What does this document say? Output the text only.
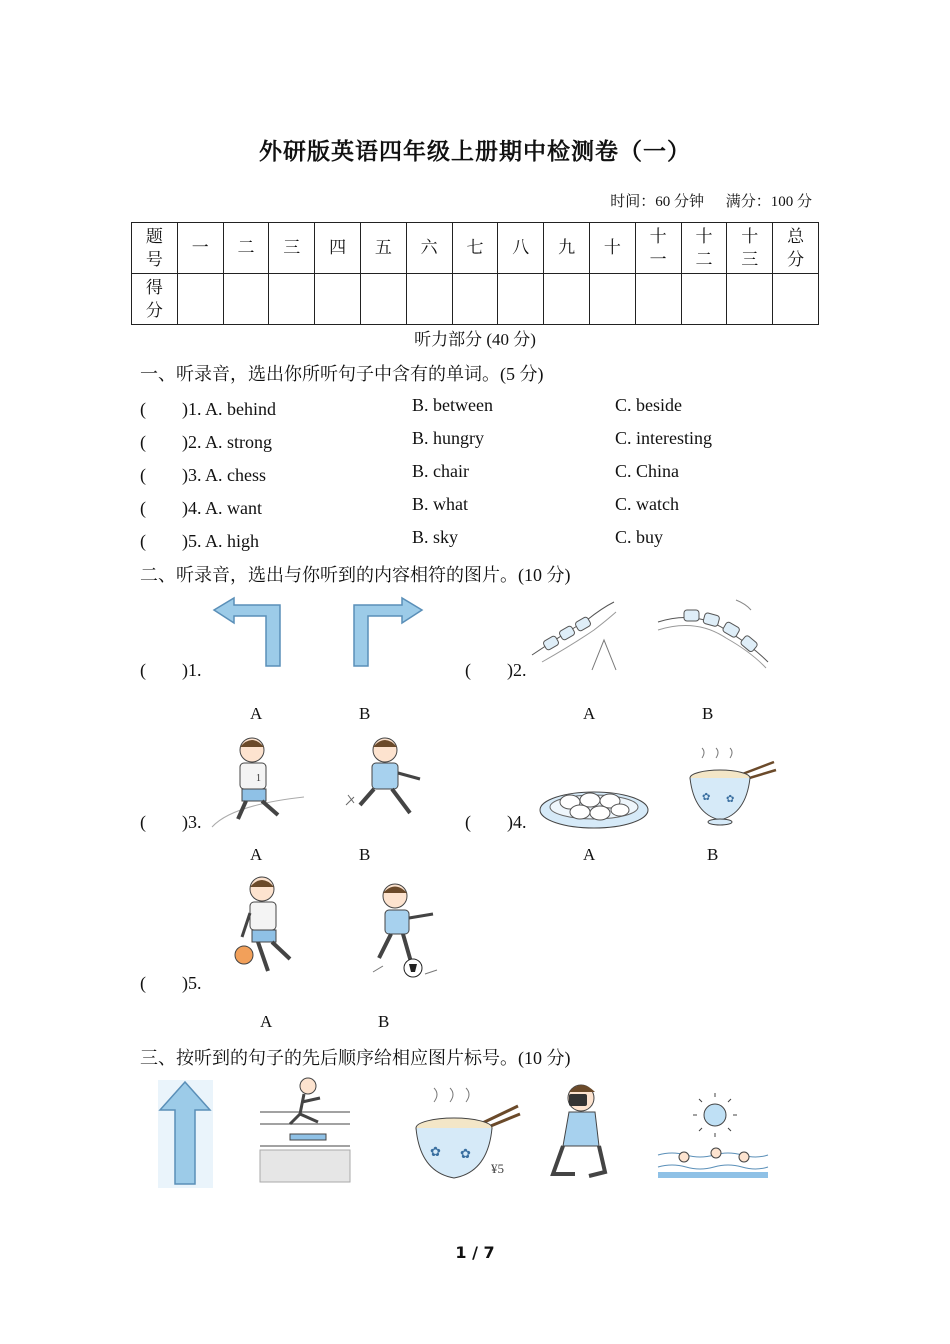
外研版英语四年级上册期中检测卷（一）
时间：60 分钟 满分：100 分
题号	一	二	三	四	五	六	七	八	九	十	十一	十二	十三	总分
得分														
听力部分 (40 分)
一、听录音，选出你所听句子中含有的单词。(5 分)
(　　)1. A. behind	B. between	C. beside
(　　)2. A. strong	B. hungry	C. interesting
(　　)3. A. chess	B. chair	C. China
(　　)4. A. want	B. what	C. watch
(　　)5. A. high	B. sky	C. buy
二、听录音，选出与你听到的内容相符的图片。(10 分)
(　　)1.
A	B
(　　)2.
A	B
(　　)3.
1
A	B
(　　)4.
✿ ✿
A	B
(　　)5.
A	B
三、按听到的句子的先后顺序给相应图片标号。(10 分)
✿ ✿
¥5
1 / 7
